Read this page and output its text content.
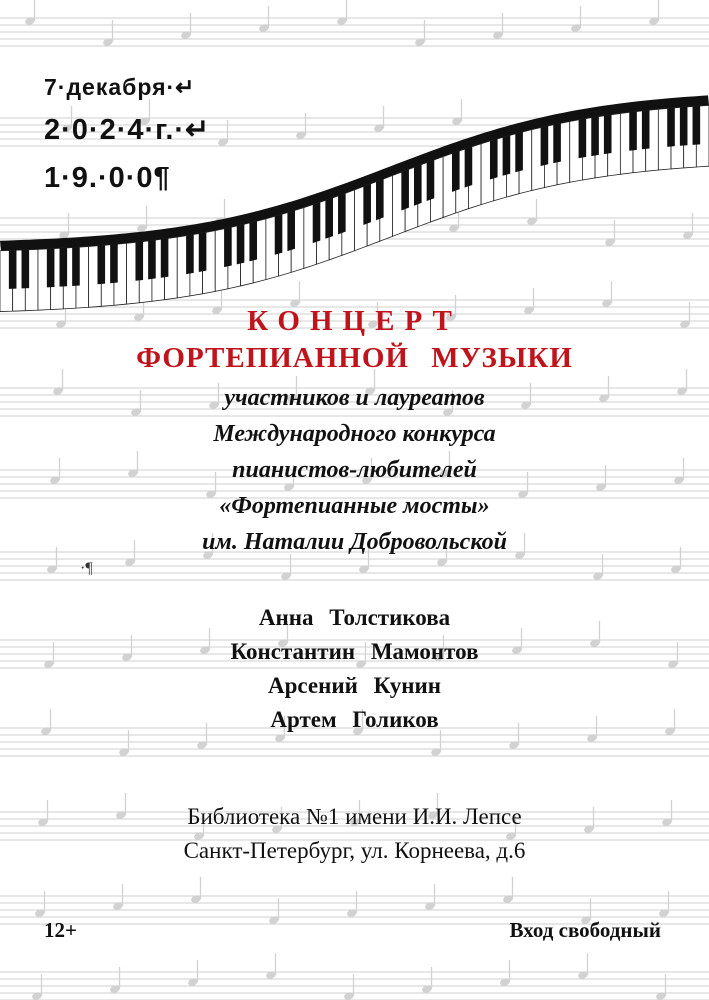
7·декабря·↵
2·0·2·4·г.·↵
1·9.·0·0¶
КОНЦЕРТ
ФОРТЕПИАННОЙ МУЗЫКИ
участников и лауреатов
Международного конкурса
пианистов-любителей
«Фортепианные мосты»
им. Наталии Добровольской
·¶
Анна Толстикова
Константин Мамонтов
Арсений Кунин
Артем Голиков
Библиотека №1 имени И.И. Лепсе
Санкт-Петербург, ул. Корнеева, д.6
12+	Вход свободный
